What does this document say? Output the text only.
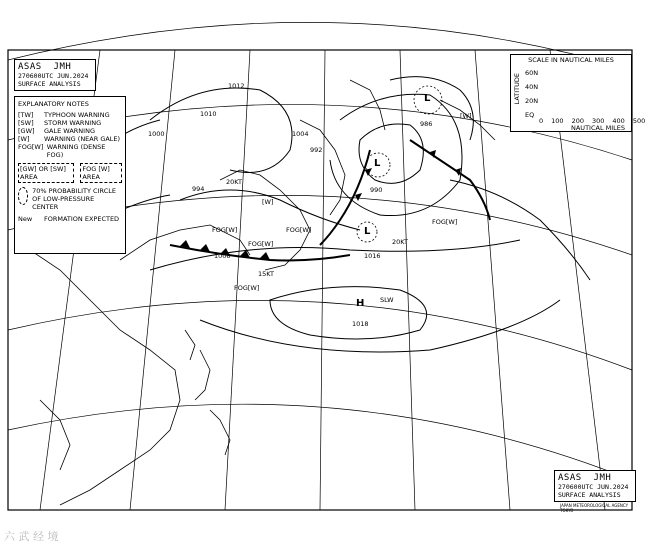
1012
1010
1004
1000
994
992
990
986
1008	1016
1018
L
L
L
H SLW
20KT
15KT
20KT
FOG[W]
FOG[W]
FOG[W]
FOG[W]
FOG[W]
[W]
[W]
ASAS JMH
270600UTC JUN.2024
SURFACE ANALYSIS
EXPLANATORY NOTES
[TW]	TYPHOON WARNING
[SW]	STORM WARNING
[GW]	GALE WARNING
[W]	WARNING (NEAR GALE)
FOG[W] WARNING (DENSE FOG)
[GW] OR [SW] AREA
FOG [W] AREA
70% PROBABILITY CIRCLE OF LOW-PRESSURE CENTER
New	FORMATION EXPECTED
SCALE IN NAUTICAL MILES
LATITUDE 60N
40N
20N
EQ
0 100 200 300 400 500
NAUTICAL MILES
ASAS JMH
270600UTC JUN.2024
SURFACE ANALYSIS
JAPAN METEOROLOGICAL AGENCY TOKYO
六 武 经 境
